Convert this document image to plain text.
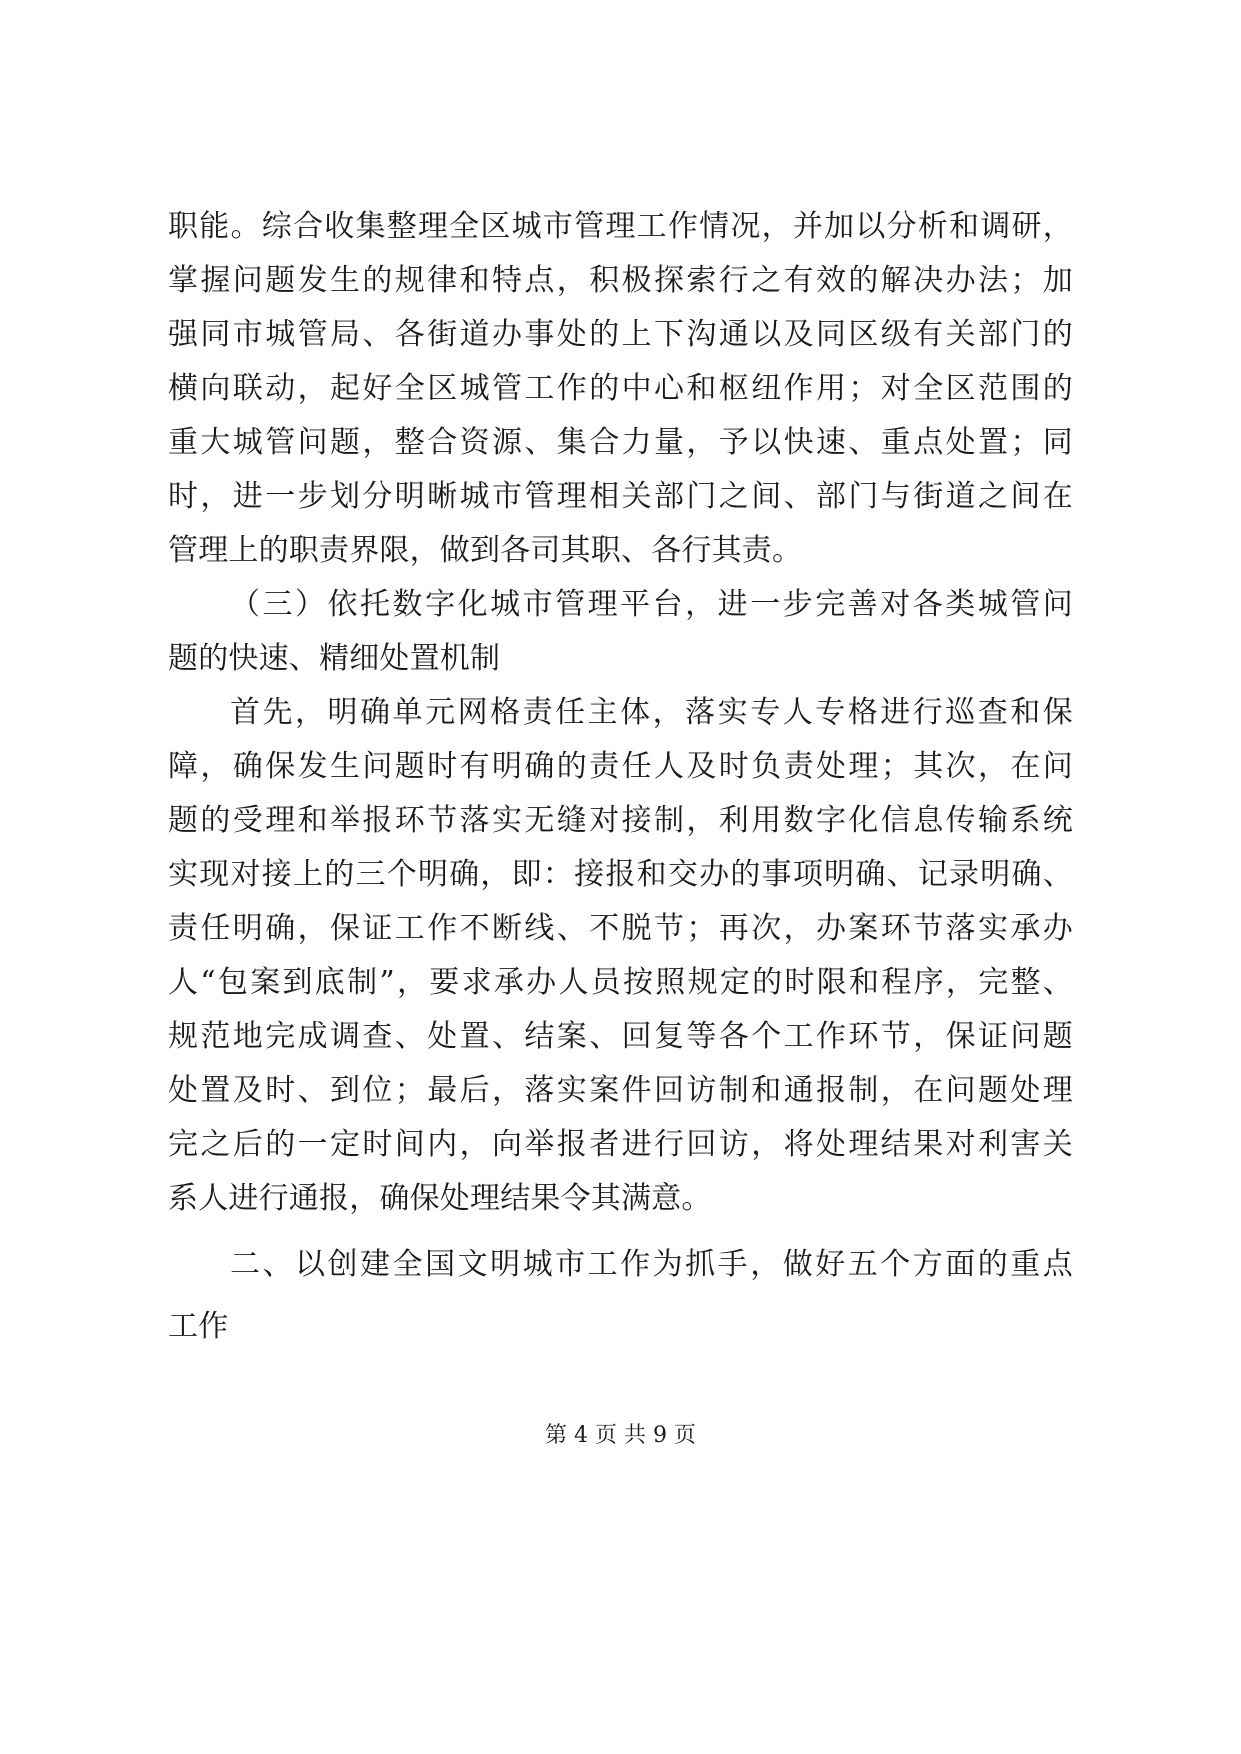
职能。综合收集整理全区城市管理工作情况，并加以分析和调研，
掌握问题发生的规律和特点，积极探索行之有效的解决办法；加
强同市城管局、各街道办事处的上下沟通以及同区级有关部门的
横向联动，起好全区城管工作的中心和枢纽作用；对全区范围的
重大城管问题，整合资源、集合力量，予以快速、重点处置；同
时，进一步划分明晰城市管理相关部门之间、部门与街道之间在
管理上的职责界限，做到各司其职、各行其责。
（三）依托数字化城市管理平台，进一步完善对各类城管问
题的快速、精细处置机制
首先，明确单元网格责任主体，落实专人专格进行巡查和保
障，确保发生问题时有明确的责任人及时负责处理；其次，在问
题的受理和举报环节落实无缝对接制，利用数字化信息传输系统
实现对接上的三个明确，即：接报和交办的事项明确、记录明确、
责任明确，保证工作不断线、不脱节；再次，办案环节落实承办
人“包案到底制”，要求承办人员按照规定的时限和程序，完整、
规范地完成调查、处置、结案、回复等各个工作环节，保证问题
处置及时、到位；最后，落实案件回访制和通报制，在问题处理
完之后的一定时间内，向举报者进行回访，将处理结果对利害关
系人进行通报，确保处理结果令其满意。
二、以创建全国文明城市工作为抓手，做好五个方面的重点
工作
第 4 页 共 9 页
